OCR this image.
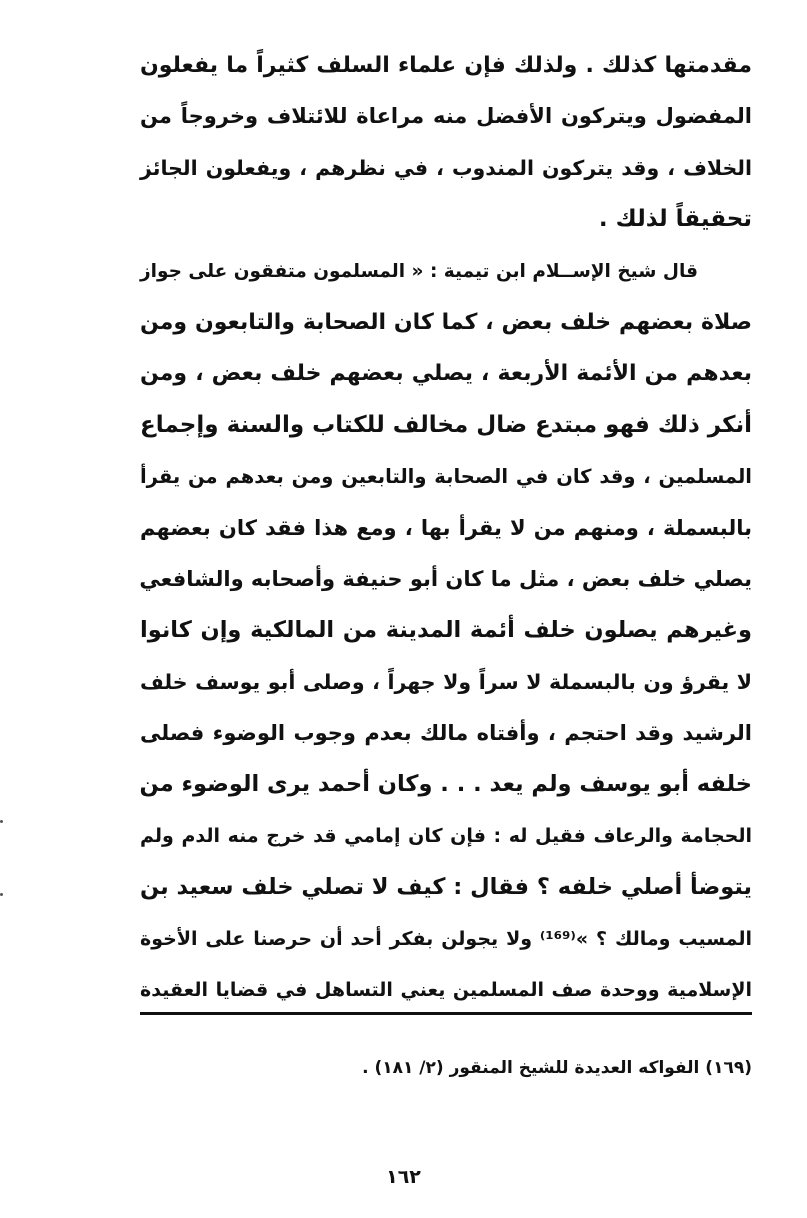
مقدمتها كذلك . ولذلك فإن علماء السلف كثيراً ما يفعلون
المفضول ويتركون الأفضل منه مراعاة للائتلاف وخروجاً من
الخلاف ، وقد يتركون المندوب ، في نظرهم ، ويفعلون الجائز
تحقيقاً لذلك .
قال شيخ الإســلام ابن تيمية : « المسلمون متفقون على جواز
صلاة بعضهم خلف بعض ، كما كان الصحابة والتابعون ومن
بعدهم من الأئمة الأربعة ، يصلي بعضهم خلف بعض ، ومن
أنكر ذلك فهو مبتدع ضال مخالف للكتاب والسنة وإجماع
المسلمين ، وقد كان في الصحابة والتابعين ومن بعدهم من يقرأ
بالبسملة ، ومنهم من لا يقرأ بها ، ومع هذا فقد كان بعضهم
يصلي خلف بعض ، مثل ما كان أبو حنيفة وأصحابه والشافعي
وغيرهم يصلون خلف أئمة المدينة من المالكية وإن كانوا
لا يقرؤ ون بالبسملة لا سراً ولا جهراً ، وصلى أبو يوسف خلف
الرشيد وقد احتجم ، وأفتاه مالك بعدم وجوب الوضوء فصلى
خلفه أبو يوسف ولم يعد . . . وكان أحمد يرى الوضوء من
الحجامة والرعاف فقيل له : فإن كان إمامي قد خرج منه الدم ولم
يتوضأ أصلي خلفه ؟ فقال : كيف لا تصلي خلف سعيد بن
المسيب ومالك ؟ »⁽¹⁶⁹⁾ ولا يجولن بفكر أحد أن حرصنا على الأخوة
الإسلامية ووحدة صف المسلمين يعني التساهل في قضايا العقيدة
(١٦٩) الفواكه العديدة للشيخ المنقور (٢/ ١٨١) .
١٦٢
